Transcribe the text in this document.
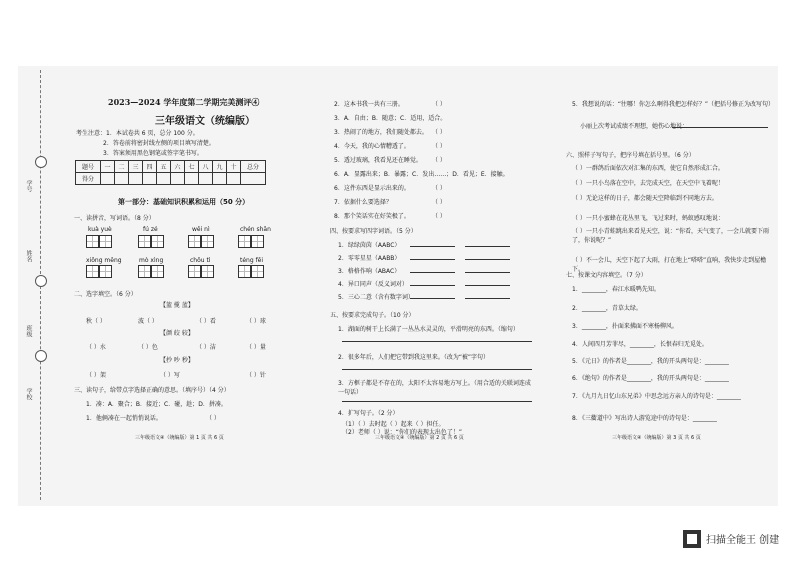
学号
姓名
班级
学校
2023—2024 学年度第二学期完美测评④
三年级语文（统编版）
考生注意：1．本试卷共 6 页，总分 100 分。
2．答卷前将密封线左侧的项目填写清楚。
3．答案须用黑色钢笔或签字笔书写。
题号	一	二	三	四	五	六	七	八	九	十	总分
得分											
第一部分：基础知识积累和运用（50 分）
一、读拼音，写词语。（8 分）
kuà yuè	fú zé	wěi nì	chén shān
xiōng měng	mò xìng	chōu tì	téng fēi
二、选字填空。（6 分）
【篮 揽 蓝】
秋（ ）	波（ ）	（ ）看	（ ）球
【颜 皎 较】
（ ）水	（ ）色	（ ）洁	（ ）量
【抄 吵 秒】
（ ）架	（ ）写	（ ）针
三、读句子，给带点字选择正确的意思。（填序号）（4 分）
1．凑：A．聚合；B．接近；C．碰，趁；D．拼凑。
1．他俩凑在一起悄悄说话。	（ ）
三年级语文④（统编版）第 1 页 共 6 页
2．这本书我一共有三册。	（ ）
3．A．自由；B．随意；C．适用，适合。
3．热闹了的地方，我们随处都去。 （ ）
4．今天，我的心情糟透了。	（ ）
5．透过玻璃，我看见还在睡觉。 （ ）
6．A．显露出来；B．暴露；C．发出……；D．看见；E．接触。
6．这件东西是显示出来的。	（ ）
7．依据什么要选择？	（ ）
8．那个笑话实在好笑极了。	（ ）
四、按要求写四字词语。（5 分）
1．绿绿茵茵（AABC）
2．零零星星（AABB）
3．格格作响（ABAC）
4．异口同声（反义词对）
5．三心二意（含有数字词）
五、按要求完成句子。（10 分）
1．湖面的树干上长满了一丛丛水灵灵的，平滑明亮的东西。（缩句）
2．很多年后，人们把它带到我这里来。（改为“被”字句）
3．方框子都是不存在的，太阳不太容易地方写上。（用合适的关联词连成一句话）
4．扩写句子。（2 分）
（1）（ ）去时起（ ）起来（ ）担任。
（2）老师（ ）说：“你们的表现太出色了！”
三年级语文④（统编版）第 2 页 共 6 页
5．我想说的话：“往哪！你怎么啊得我把怎样好？”（把括号修正为改写句）
小丽上次考试成绩不理想，她伤心地说：
六、照样子写句子，把序号填在括号里。（6 分）
（ ）一群鸽后面依次对汇集的东西，使它自然形成汇合。
（ ）一只小鸟落在空中，去完成天空，在天空中飞着呢！
（ ）无论这样的日子，都会随天空降临到不同地方去。
（ ）一只小蜜蜂在花丛里飞，飞过来时，蚂蚁感叹地说：
（ ）一只小青蛙跳出来看见天空，说：“你看，天气变了，一会儿就要下雨了，你说呢？”
（ ）不一会儿，天空下起了大雨，打在地上“嗒嗒”直响，我快步走到屋檐下。
七、按课文内容填空。（7 分）
1．________，春江水暖鸭先知。
2．________，青草太绿。
3．________，扑面来拂面不寒杨柳风。
4．人间四月芳菲尽，________，长恨春归无觅处。
5．《元日》的作者是________，我的开头两句是：________
6．《绝句》的作者是________，我的开头两句是：________
7．《九月九日忆山东兄弟》中思念远方亲人的诗句是：________
8．《三衢道中》写出诗人游览途中的诗句是：________
三年级语文④（统编版）第 3 页 共 6 页
扫描全能王 创建
